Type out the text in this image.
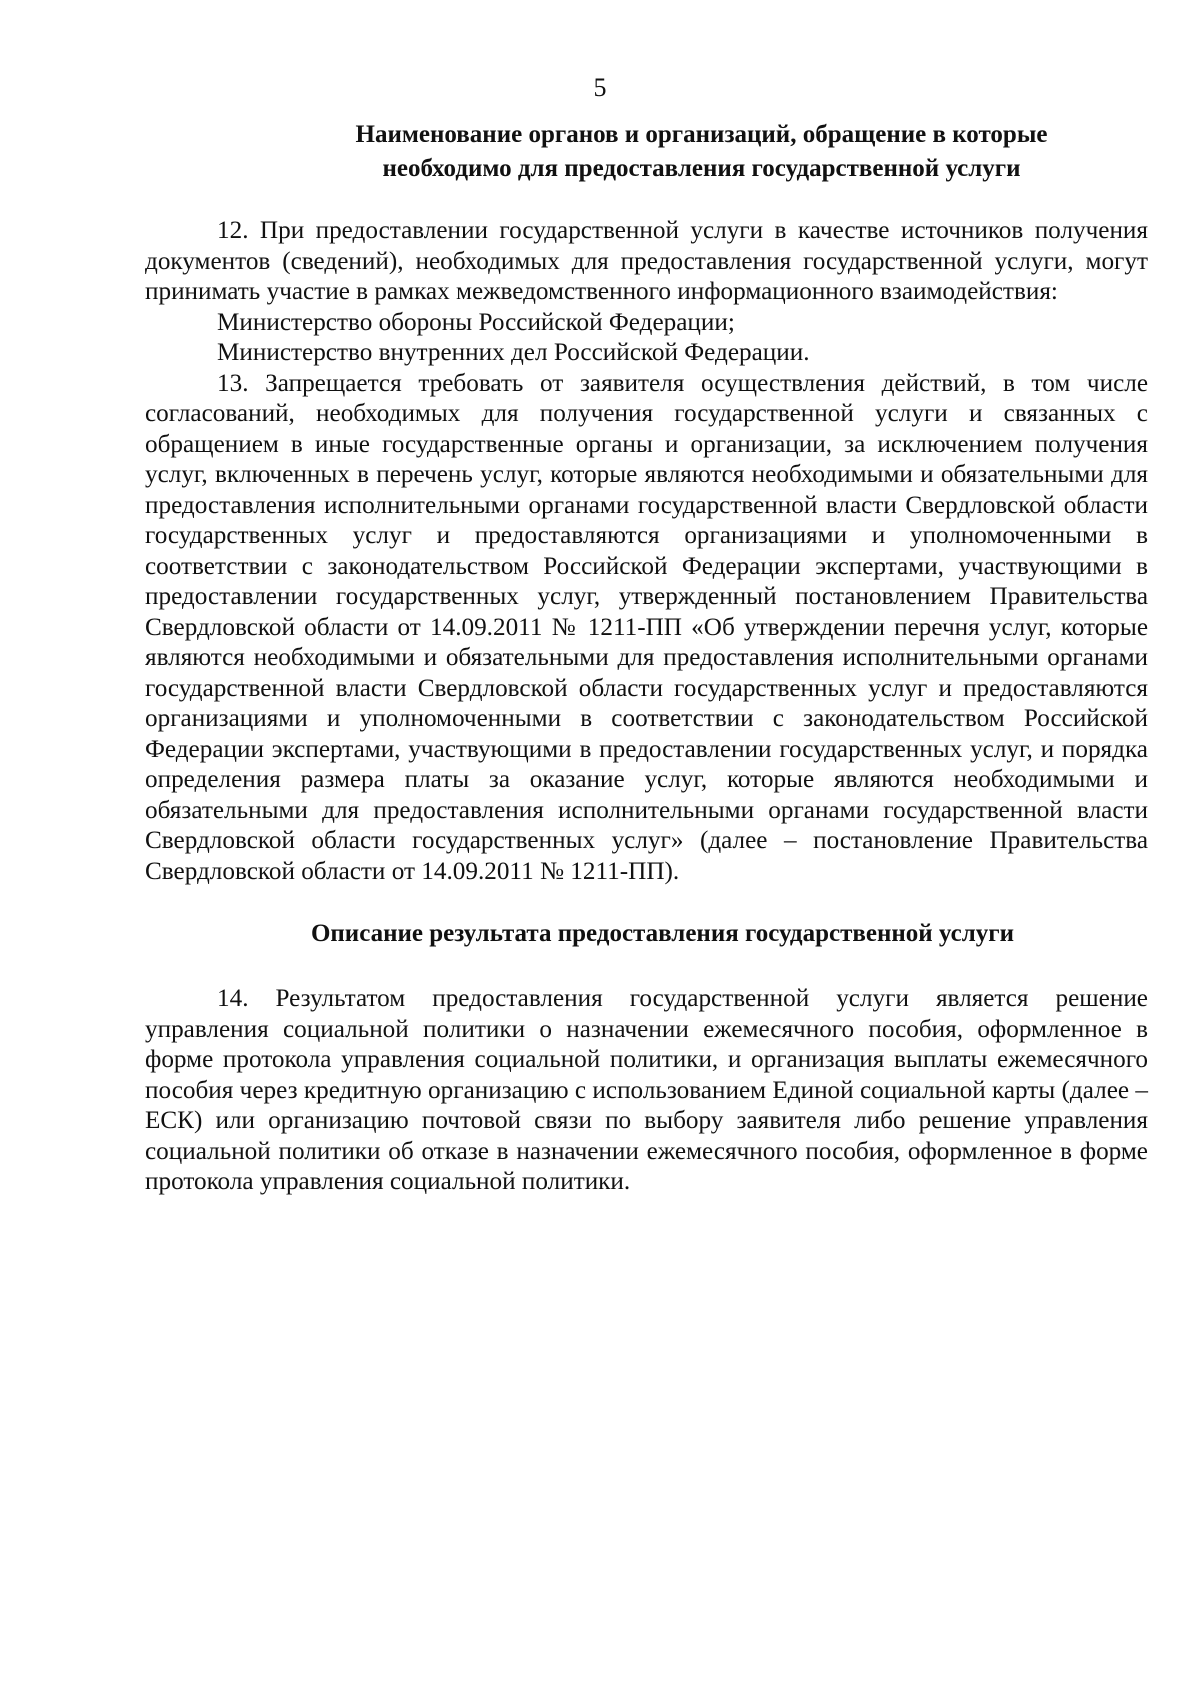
5
Наименование органов и организаций, обращение в которые
необходимо для предоставления государственной услуги

12. При предоставлении государственной услуги в качестве источников получения документов (сведений), необходимых для предоставления государственной услуги, могут принимать участие в рамках межведомственного информационного взаимодействия:

Министерство обороны Российской Федерации;

Министерство внутренних дел Российской Федерации.

13. Запрещается требовать от заявителя осуществления действий, в том числе согласований, необходимых для получения государственной услуги и связанных с обращением в иные государственные органы и организации, за исключением получения услуг, включенных в перечень услуг, которые являются необходимыми и обязательными для предоставления исполнительными органами государственной власти Свердловской области государственных услуг и предоставляются организациями и уполномоченными в соответствии с законодательством Российской Федерации экспертами, участвующими в предоставлении государственных услуг, утвержденный постановлением Правительства Свердловской области от 14.09.2011 № 1211-ПП «Об утверждении перечня услуг, которые являются необходимыми и обязательными для предоставления исполнительными органами государственной власти Свердловской области государственных услуг и предоставляются организациями и уполномоченными в соответствии с законодательством Российской Федерации экспертами, участвующими в предоставлении государственных услуг, и порядка определения размера платы за оказание услуг, которые являются необходимыми и обязательными для предоставления исполнительными органами государственной власти Свердловской области государственных услуг» (далее – постановление Правительства Свердловской области от 14.09.2011 № 1211-ПП).

Описание результата предоставления государственной услуги

14. Результатом предоставления государственной услуги является решение управления социальной политики о назначении ежемесячного пособия, оформленное в форме протокола управления социальной политики, и организация выплаты ежемесячного пособия через кредитную организацию с использованием Единой социальной карты (далее – ЕСК) или организацию почтовой связи по выбору заявителя либо решение управления социальной политики об отказе в назначении ежемесячного пособия, оформленное в форме протокола управления социальной политики.
